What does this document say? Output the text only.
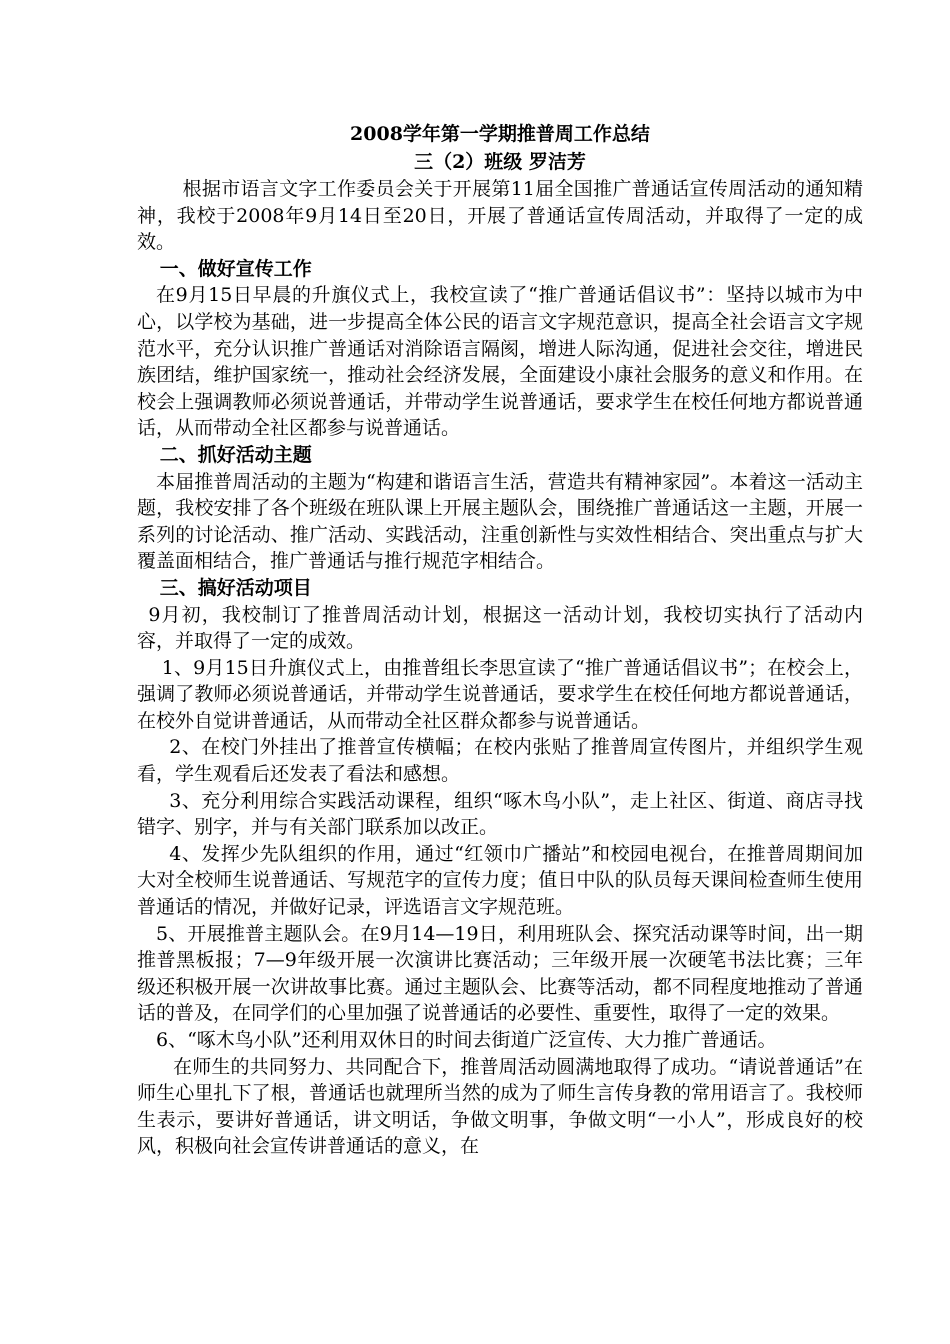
2008学年第一学期推普周工作总结

三（2）班级 罗洁芳

根据市语言文字工作委员会关于开展第11届全国推广普通话宣传周活动的通知精神，我校于2008年9月14日至20日，开展了普通话宣传周活动，并取得了一定的成效。

一、做好宣传工作

在9月15日早晨的升旗仪式上，我校宣读了“推广普通话倡议书”：坚持以城市为中心，以学校为基础，进一步提高全体公民的语言文字规范意识，提高全社会语言文字规范水平，充分认识推广普通话对消除语言隔阂，增进人际沟通，促进社会交往，增进民族团结，维护国家统一，推动社会经济发展，全面建设小康社会服务的意义和作用。在校会上强调教师必须说普通话，并带动学生说普通话，要求学生在校任何地方都说普通话，从而带动全社区都参与说普通话。

二、抓好活动主题

本届推普周活动的主题为“构建和谐语言生活，营造共有精神家园”。本着这一活动主题，我校安排了各个班级在班队课上开展主题队会，围绕推广普通话这一主题，开展一系列的讨论活动、推广活动、实践活动，注重创新性与实效性相结合、突出重点与扩大覆盖面相结合，推广普通话与推行规范字相结合。

三、搞好活动项目

9月初，我校制订了推普周活动计划，根据这一活动计划，我校切实执行了活动内容，并取得了一定的成效。

1、9月15日升旗仪式上，由推普组长李思宣读了“推广普通话倡议书”；在校会上，强调了教师必须说普通话，并带动学生说普通话，要求学生在校任何地方都说普通话，在校外自觉讲普通话，从而带动全社区群众都参与说普通话。

2、在校门外挂出了推普宣传横幅；在校内张贴了推普周宣传图片，并组织学生观看，学生观看后还发表了看法和感想。

3、充分利用综合实践活动课程，组织“啄木鸟小队”，走上社区、街道、商店寻找错字、别字，并与有关部门联系加以改正。

4、发挥少先队组织的作用，通过“红领巾广播站”和校园电视台，在推普周期间加大对全校师生说普通话、写规范字的宣传力度；值日中队的队员每天课间检查师生使用普通话的情况，并做好记录，评选语言文字规范班。

5、开展推普主题队会。在9月14—19日，利用班队会、探究活动课等时间，出一期推普黑板报；7—9年级开展一次演讲比赛活动；三年级开展一次硬笔书法比赛；三年级还积极开展一次讲故事比赛。通过主题队会、比赛等活动，都不同程度地推动了普通话的普及，在同学们的心里加强了说普通话的必要性、重要性，取得了一定的效果。

6、“啄木鸟小队”还利用双休日的时间去街道广泛宣传、大力推广普通话。

在师生的共同努力、共同配合下，推普周活动圆满地取得了成功。“请说普通话”在师生心里扎下了根，普通话也就理所当然的成为了师生言传身教的常用语言了。我校师生表示，要讲好普通话，讲文明话，争做文明事，争做文明“一小人”，形成良好的校风，积极向社会宣传讲普通话的意义，在
